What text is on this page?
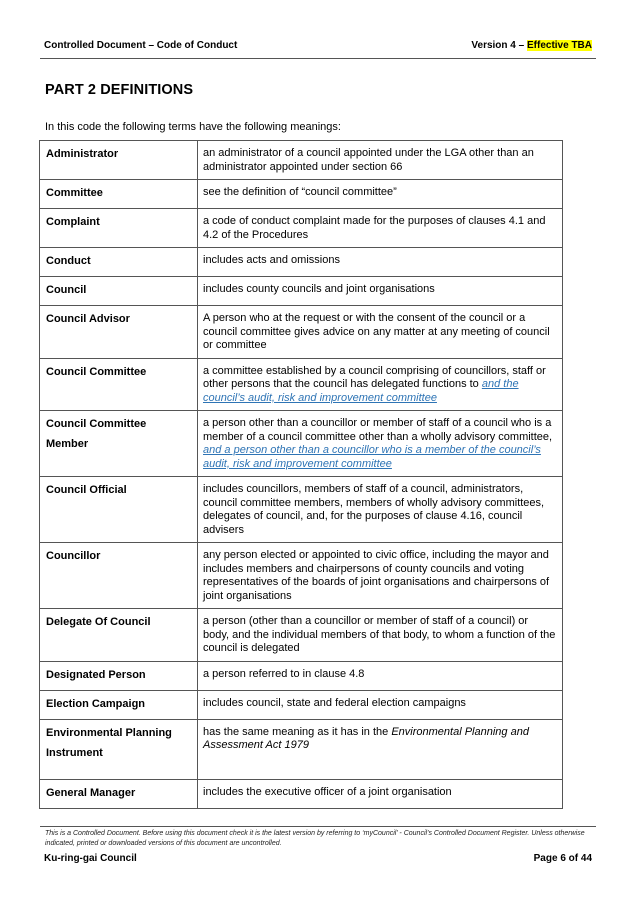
Controlled Document – Code of Conduct	Version 4 – Effective TBA
PART 2 DEFINITIONS
In this code the following terms have the following meanings:
Administrator	an administrator of a council appointed under the LGA other than an administrator appointed under section 66
Committee	see the definition of “council committee”
Complaint	a code of conduct complaint made for the purposes of clauses 4.1 and 4.2 of the Procedures
Conduct	includes acts and omissions
Council	includes county councils and joint organisations
Council Advisor	A person who at the request or with the consent of the council or a council committee gives advice on any matter at any meeting of council or committee
Council Committee	a committee established by a council comprising of councillors, staff or other persons that the council has delegated functions to and the council’s audit, risk and improvement committee
Council Committee Member	a person other than a councillor or member of staff of a council who is a member of a council committee other than a wholly advisory committee, and a person other than a councillor who is a member of the council’s audit, risk and improvement committee
Council Official	includes councillors, members of staff of a council, administrators, council committee members, members of wholly advisory committees, delegates of council, and, for the purposes of clause 4.16, council advisers
Councillor	any person elected or appointed to civic office, including the mayor and includes members and chairpersons of county councils and voting representatives of the boards of joint organisations and chairpersons of joint organisations
Delegate Of Council	a person (other than a councillor or member of staff of a council) or body, and the individual members of that body, to whom a function of the council is delegated
Designated Person	a person referred to in clause 4.8
Election Campaign	includes council, state and federal election campaigns
Environmental Planning Instrument	has the same meaning as it has in the Environmental Planning and Assessment Act 1979
General Manager	includes the executive officer of a joint organisation
This is a Controlled Document. Before using this document check it is the latest version by referring to ‘myCouncil’ - Council’s Controlled Document Register. Unless otherwise indicated, printed or downloaded versions of this document are uncontrolled.
Ku-ring-gai Council	Page 6 of 44
